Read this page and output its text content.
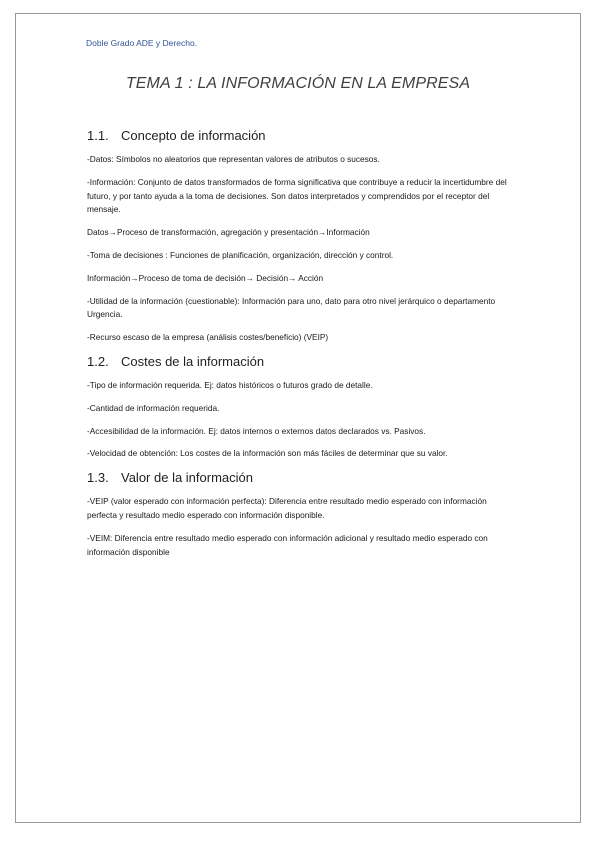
Doble Grado ADE y Derecho.
TEMA 1 : LA INFORMACIÓN EN LA EMPRESA
1.1. Concepto de información

-Datos: Símbolos no aleatorios que representan valores de atributos o sucesos.

-Información: Conjunto de datos transformados de forma significativa que contribuye a reducir la incertidumbre del futuro, y por tanto ayuda a la toma de decisiones. Son datos interpretados y comprendidos por el receptor del mensaje.

Datos→Proceso de transformación, agregación y presentación→Información

-Toma de decisiones : Funciones de planificación, organización, dirección y control.

Información→Proceso de toma de decisión→ Decisión→ Acción

-Utilidad de la información (cuestionable): Información para uno, dato para otro nivel jerárquico o departamento Urgencia.

-Recurso escaso de la empresa (análisis costes/beneficio) (VEIP)

1.2. Costes de la información

-Tipo de información requerida. Ej: datos históricos o futuros grado de detalle.

-Cantidad de información requerida.

-Accesibilidad de la información. Ej: datos internos o externos datos declarados vs. Pasivos.

-Velocidad de obtención: Los costes de la información son más fáciles de determinar que su valor.

1.3. Valor de la información

-VEIP (valor esperado con información perfecta): Diferencia entre resultado medio esperado con información perfecta y resultado medio esperado con información disponible.

-VEIM: Diferencia entre resultado medio esperado con información adicional y resultado medio esperado con información disponible
